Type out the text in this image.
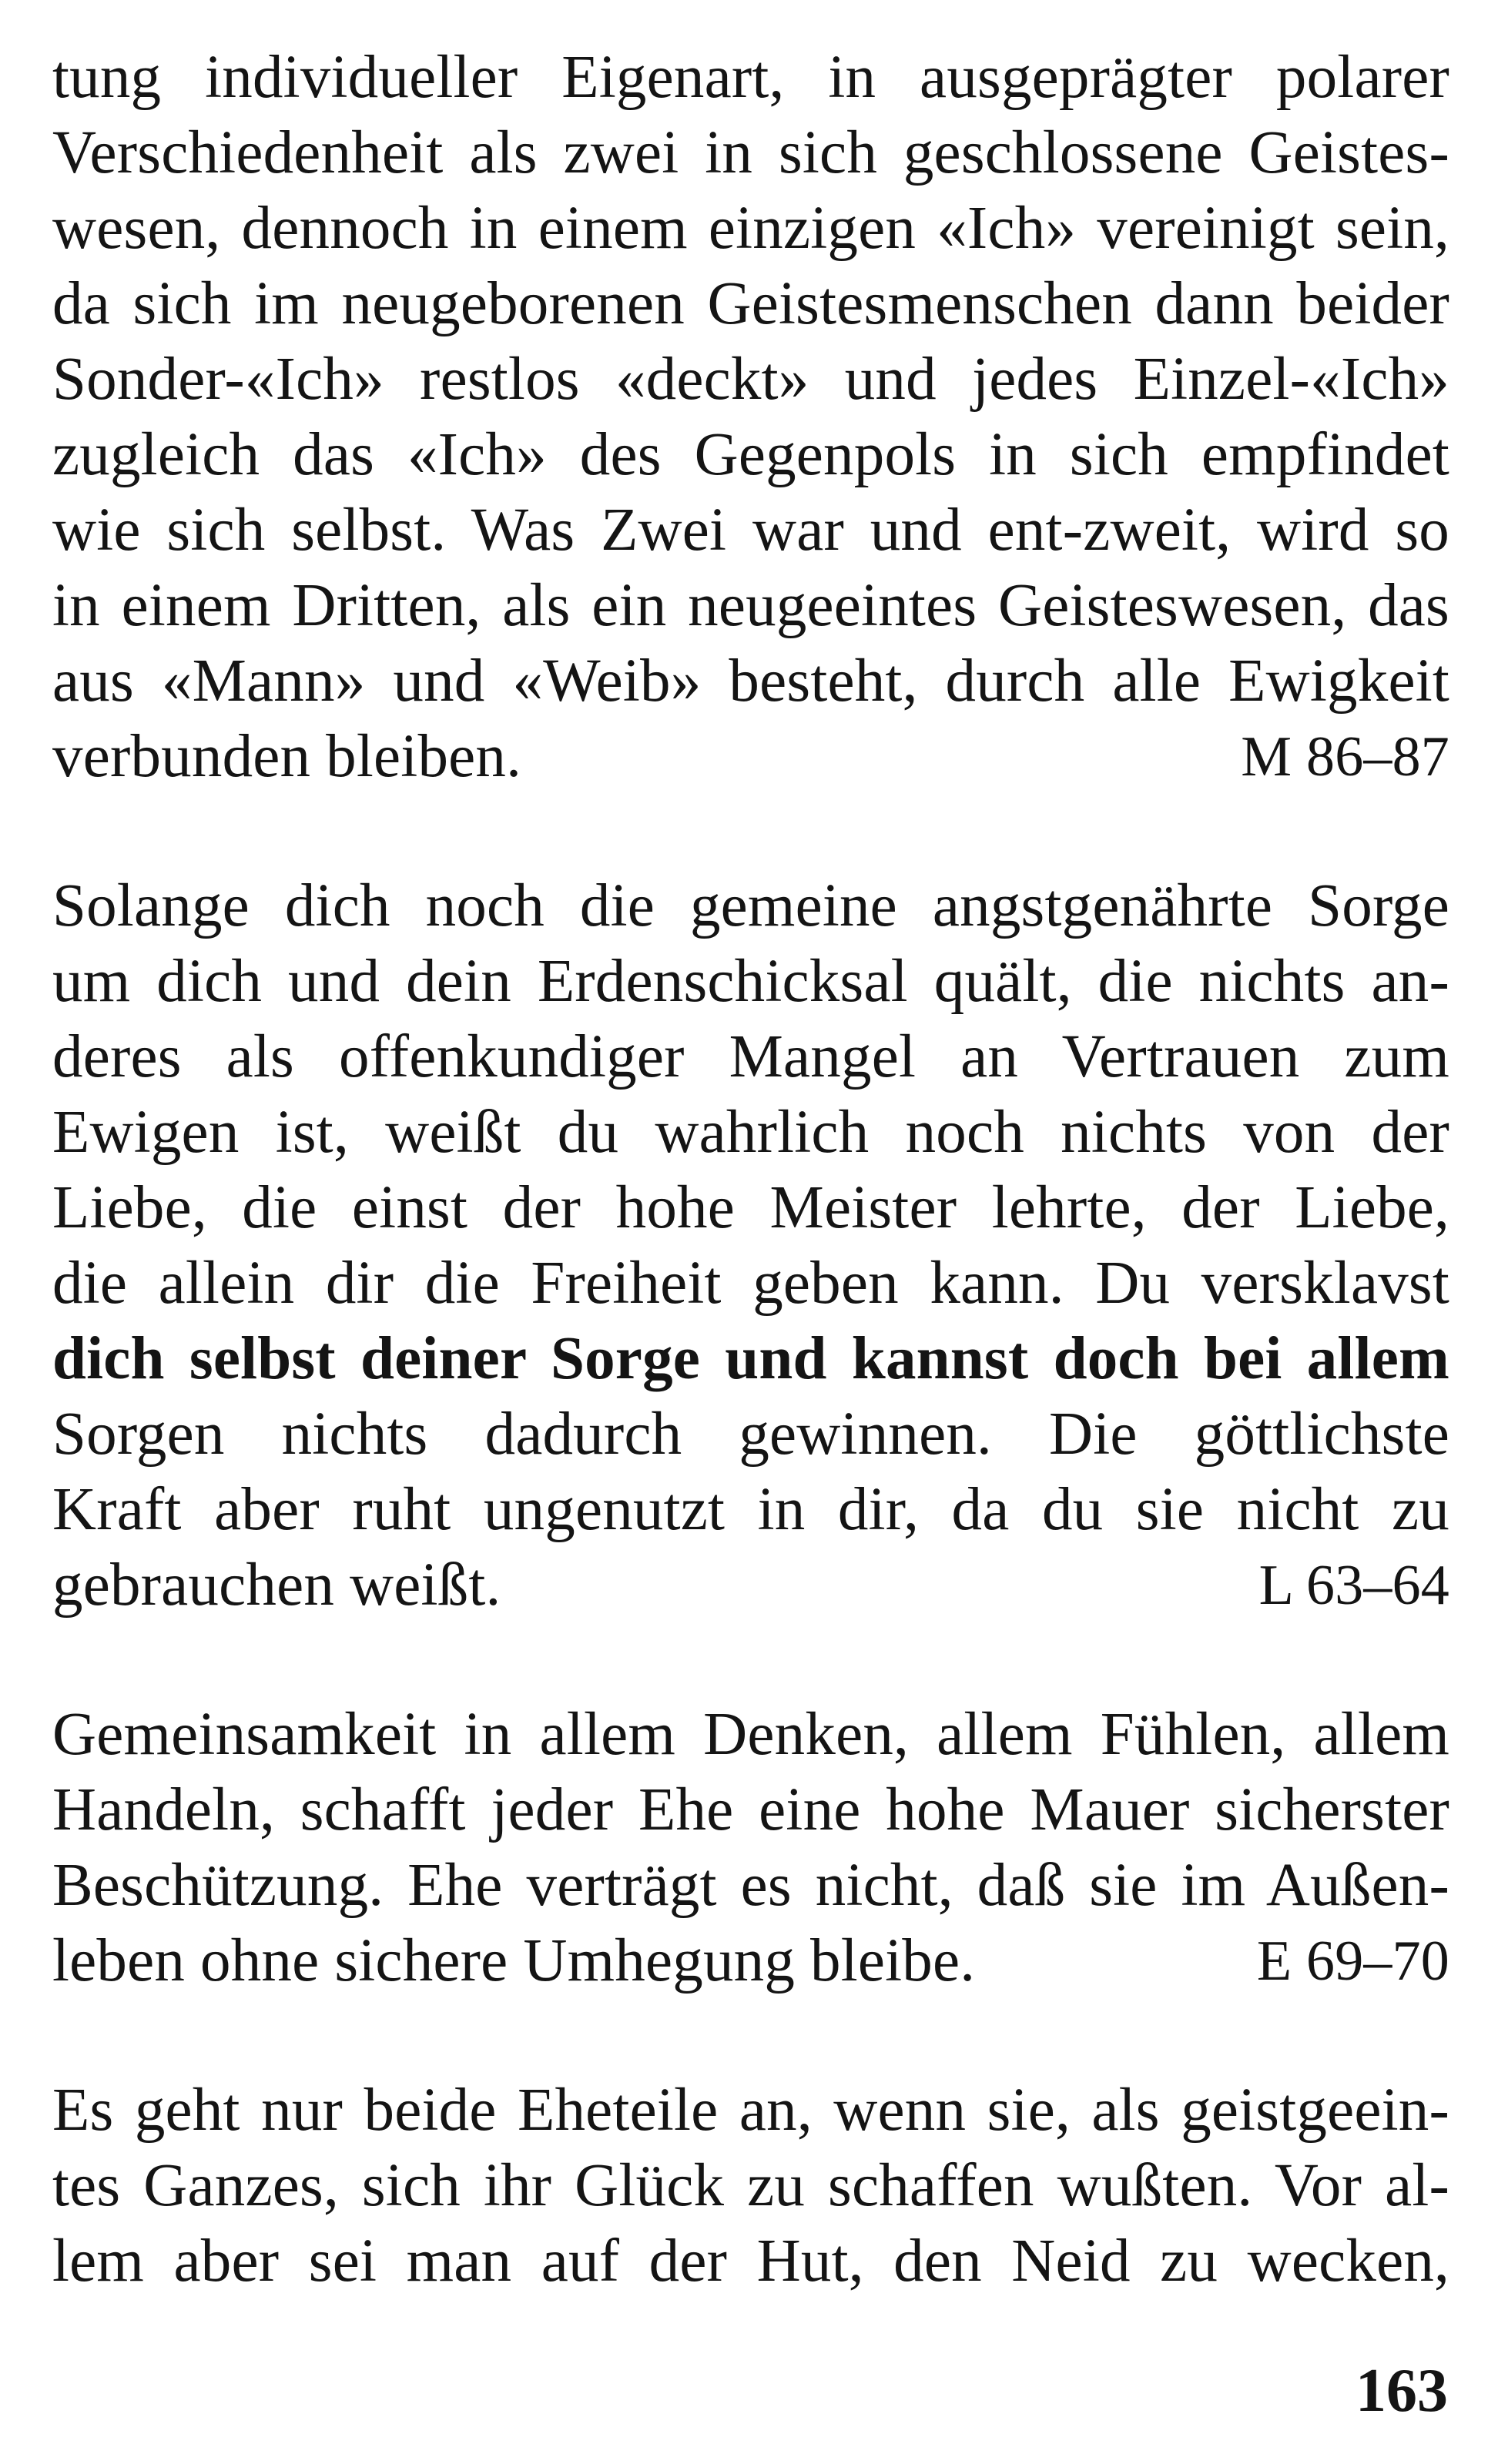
tung individueller Eigenart, in ausgeprägter polarer
Verschiedenheit als zwei in sich geschlossene Geistes-
wesen, dennoch in einem einzigen «Ich» vereinigt sein,
da sich im neugeborenen Geistesmenschen dann beider
Sonder-«Ich» restlos «deckt» und jedes Einzel-«Ich»
zugleich das «Ich» des Gegenpols in sich empfindet
wie sich selbst. Was Zwei war und ent-zweit, wird so
in einem Dritten, als ein neugeeintes Geisteswesen, das
aus «Mann» und «Weib» besteht, durch alle Ewigkeit
verbunden bleiben.	M 86–87
Solange dich noch die gemeine angstgenährte Sorge
um dich und dein Erdenschicksal quält, die nichts an-
deres als offenkundiger Mangel an Vertrauen zum
Ewigen ist, weißt du wahrlich noch nichts von der
Liebe, die einst der hohe Meister lehrte, der Liebe,
die allein dir die Freiheit geben kann. Du versklavst
dich selbst deiner Sorge und kannst doch bei allem
Sorgen nichts dadurch gewinnen. Die göttlichste
Kraft aber ruht ungenutzt in dir, da du sie nicht zu
gebrauchen weißt.	L 63–64
Gemeinsamkeit in allem Denken, allem Fühlen, allem
Handeln, schafft jeder Ehe eine hohe Mauer sicherster
Beschützung. Ehe verträgt es nicht, daß sie im Außen-
leben ohne sichere Umhegung bleibe.	E 69–70
Es geht nur beide Eheteile an, wenn sie, als geistgeein-
tes Ganzes, sich ihr Glück zu schaffen wußten. Vor al-
lem aber sei man auf der Hut, den Neid zu wecken,
163
